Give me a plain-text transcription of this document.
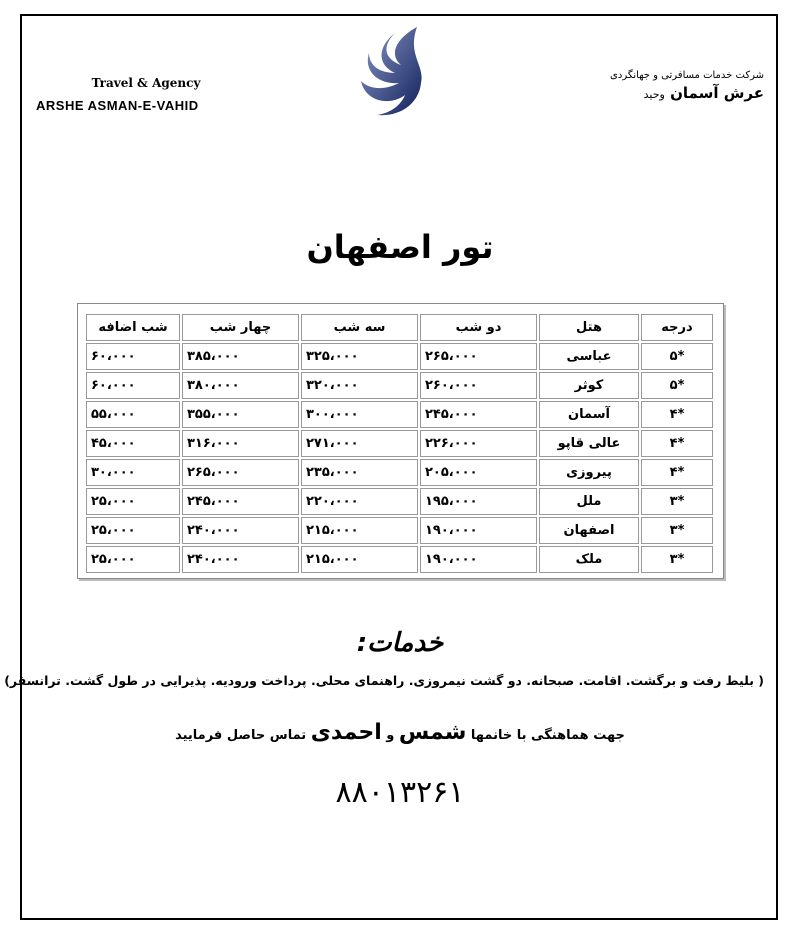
Travel & Agency
ARSHE ASMAN-E-VAHID
شرکت خدمات مسافرتی و جهانگردی
عرش آسمان وحید
تور اصفهان
درجه	هتل	دو شب	سه شب	چهار شب	شب اضافه
*۵	عباسی	۲۶۵،۰۰۰	۳۲۵،۰۰۰	۳۸۵،۰۰۰	۶۰،۰۰۰
*۵	کوثر	۲۶۰،۰۰۰	۳۲۰،۰۰۰	۳۸۰،۰۰۰	۶۰،۰۰۰
*۴	آسمان	۲۴۵،۰۰۰	۳۰۰،۰۰۰	۳۵۵،۰۰۰	۵۵،۰۰۰
*۴	عالی قاپو	۲۲۶،۰۰۰	۲۷۱،۰۰۰	۳۱۶،۰۰۰	۴۵،۰۰۰
*۴	پیروزی	۲۰۵،۰۰۰	۲۳۵،۰۰۰	۲۶۵،۰۰۰	۳۰،۰۰۰
*۳	ملل	۱۹۵،۰۰۰	۲۲۰،۰۰۰	۲۴۵،۰۰۰	۲۵،۰۰۰
*۳	اصفهان	۱۹۰،۰۰۰	۲۱۵،۰۰۰	۲۴۰،۰۰۰	۲۵،۰۰۰
*۳	ملک	۱۹۰،۰۰۰	۲۱۵،۰۰۰	۲۴۰،۰۰۰	۲۵،۰۰۰
خدمات:
( بلیط رفت و برگشت. اقامت. صبحانه. دو گشت نیمروزی. راهنمای محلی. پرداخت ورودیه. پذیرایی در طول گشت. ترانسفر)
جهت هماهنگی با خانمها شمس و احمدی تماس حاصل فرمایید
۸۸۰۱۳۲۶۱
